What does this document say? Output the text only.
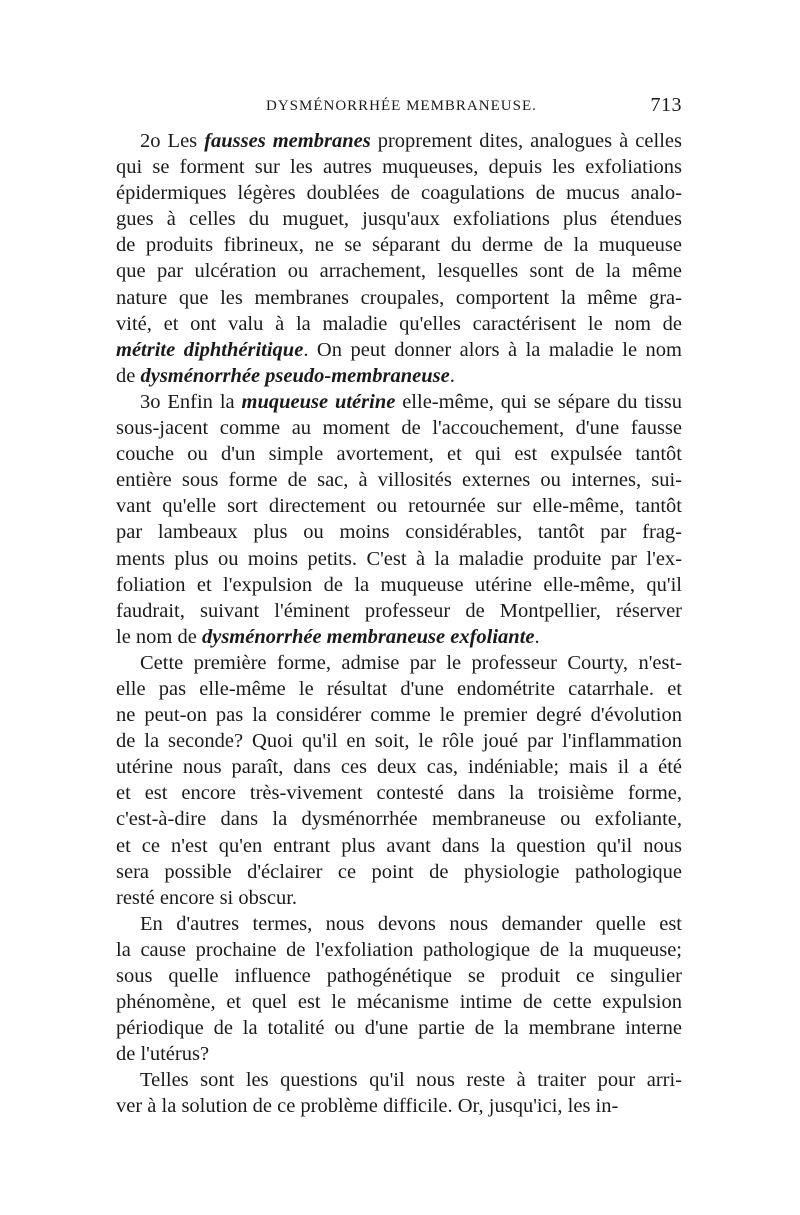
DYSMÉNORRHÉE MEMBRANEUSE.	713

2o Les fausses membranes proprement dites, analogues à celles

qui se forment sur les autres muqueuses, depuis les exfoliations

épidermiques légères doublées de coagulations de mucus analo-

gues à celles du muguet, jusqu'aux exfoliations plus étendues

de produits fibrineux, ne se séparant du derme de la muqueuse

que par ulcération ou arrachement, lesquelles sont de la même

nature que les membranes croupales, comportent la même gra-

vité, et ont valu à la maladie qu'elles caractérisent le nom de

métrite diphthéritique. On peut donner alors à la maladie le nom

de dysménorrhée pseudo-membraneuse.

3o Enfin la muqueuse utérine elle-même, qui se sépare du tissu

sous-jacent comme au moment de l'accouchement, d'une fausse

couche ou d'un simple avortement, et qui est expulsée tantôt

entière sous forme de sac, à villosités externes ou internes, sui-

vant qu'elle sort directement ou retournée sur elle-même, tantôt

par lambeaux plus ou moins considérables, tantôt par frag-

ments plus ou moins petits. C'est à la maladie produite par l'ex-

foliation et l'expulsion de la muqueuse utérine elle-même, qu'il

faudrait, suivant l'éminent professeur de Montpellier, réserver

le nom de dysménorrhée membraneuse exfoliante.

Cette première forme, admise par le professeur Courty, n'est-

elle pas elle-même le résultat d'une endométrite catarrhale. et

ne peut-on pas la considérer comme le premier degré d'évolution

de la seconde? Quoi qu'il en soit, le rôle joué par l'inflammation

utérine nous paraît, dans ces deux cas, indéniable; mais il a été

et est encore très-vivement contesté dans la troisième forme,

c'est-à-dire dans la dysménorrhée membraneuse ou exfoliante,

et ce n'est qu'en entrant plus avant dans la question qu'il nous

sera possible d'éclairer ce point de physiologie pathologique

resté encore si obscur.

En d'autres termes, nous devons nous demander quelle est

la cause prochaine de l'exfoliation pathologique de la muqueuse;

sous quelle influence pathogénétique se produit ce singulier

phénomène, et quel est le mécanisme intime de cette expulsion

périodique de la totalité ou d'une partie de la membrane interne

de l'utérus?

Telles sont les questions qu'il nous reste à traiter pour arri-

ver à la solution de ce problème difficile. Or, jusqu'ici, les in-
